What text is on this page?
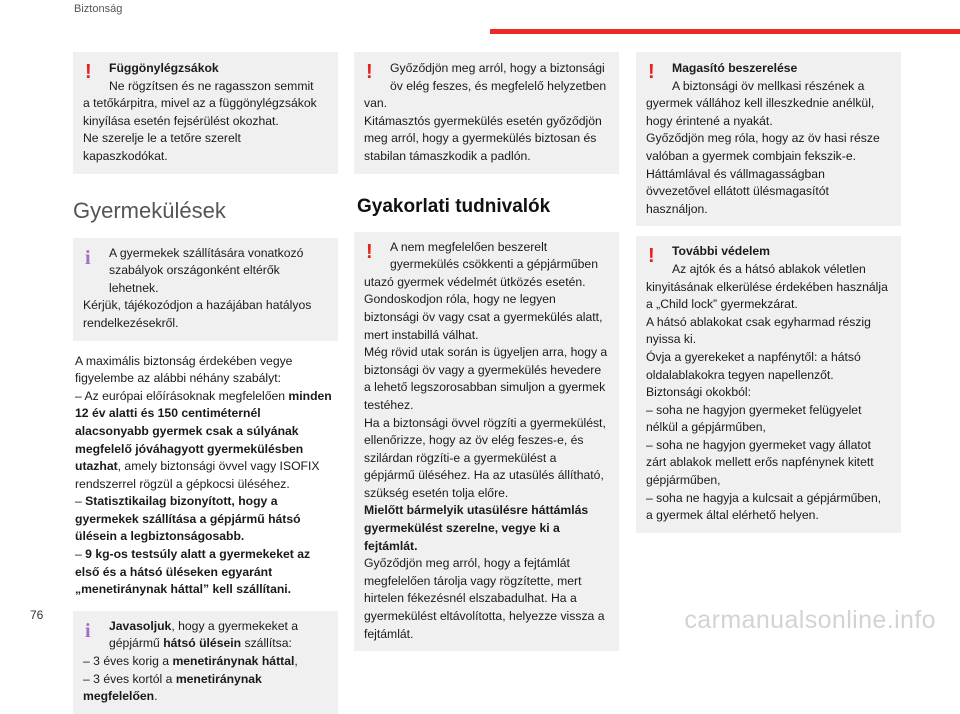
Biztonság
!	Függönylégzsákok
Ne rögzítsen és ne ragasszon semmit
a tetőkárpitra, mivel az a függönylégzsákok kinyílása esetén fejsérülést okozhat.
Ne szerelje le a tetőre szerelt kapaszkodókat.
Gyermekülések
i	A gyermekek szállítására vonatkozó szabályok országonként eltérők lehetnek.
Kérjük, tájékozódjon a hazájában hatályos rendelkezésekről.
A maximális biztonság érdekében vegye figyelembe az alábbi néhány szabályt:
– Az európai előírásoknak megfelelően minden 12 év alatti és 150 centiméternél alacsonyabb gyermek csak a súlyának megfelelő jóváhagyott gyermekülésben utazhat, amely biztonsági övvel vagy ISOFIX rendszerrel rögzül a gépkocsi üléséhez.
– Statisztikailag bizonyított, hogy a gyermekek szállítása a gépjármű hátsó ülésein a legbiztonságosabb.
– 9 kg-os testsúly alatt a gyermekeket az első és a hátsó üléseken egyaránt „menetiránynak háttal” kell szállítani.
i	Javasoljuk, hogy a gyermekeket a gépjármű hátsó ülésein szállítsa:
– 3 éves korig a menetiránynak háttal,
– 3 éves kortól a menetiránynak megfelelően.
!	Győződjön meg arról, hogy a biztonsági öv elég feszes, és megfelelő helyzetben
van.
Kitámasztós gyermekülés esetén győződjön meg arról, hogy a gyermekülés biztosan és stabilan támaszkodik a padlón.
Gyakorlati tudnivalók
!	A nem megfelelően beszerelt gyermekülés csökkenti a gépjárműben
utazó gyermek védelmét ütközés esetén.
Gondoskodjon róla, hogy ne legyen biztonsági öv vagy csat a gyermekülés alatt, mert instabillá válhat.
Még rövid utak során is ügyeljen arra, hogy a biztonsági öv vagy a gyermekülés hevedere a lehető legszorosabban simuljon a gyermek testéhez.
Ha a biztonsági övvel rögzíti a gyermekülést, ellenőrizze, hogy az öv elég feszes-e, és szilárdan rögzíti-e a gyermekülést a gépjármű üléséhez. Ha az utasülés állítható, szükség esetén tolja előre.
Mielőtt bármelyik utasülésre háttámlás gyermekülést szerelne, vegye ki a fejtámlát.
Győződjön meg arról, hogy a fejtámlát megfelelően tárolja vagy rögzítette, mert hirtelen fékezésnél elszabadulhat. Ha a gyermekülést eltávolította, helyezze vissza a fejtámlát.
!	Magasító beszerelése
A biztonsági öv mellkasi részének a
gyermek vállához kell illeszkednie anélkül, hogy érintené a nyakát.
Győződjön meg róla, hogy az öv hasi része valóban a gyermek combjain fekszik-e.
Háttámlával és vállmagasságban övvezetővel ellátott ülésmagasítót használjon.
!	További védelem
Az ajtók és a hátsó ablakok véletlen
kinyitásának elkerülése érdekében használja a „Child lock” gyermekzárat.
A hátsó ablakokat csak egyharmad részig nyissa ki.
Óvja a gyerekeket a napfénytől: a hátsó oldalablakokra tegyen napellenzőt.
Biztonsági okokból:
– soha ne hagyjon gyermeket felügyelet nélkül a gépjárműben,
– soha ne hagyjon gyermeket vagy állatot zárt ablakok mellett erős napfénynek kitett gépjárműben,
– soha ne hagyja a kulcsait a gépjárműben, a gyermek által elérhető helyen.
76	carmanualsonline.info
